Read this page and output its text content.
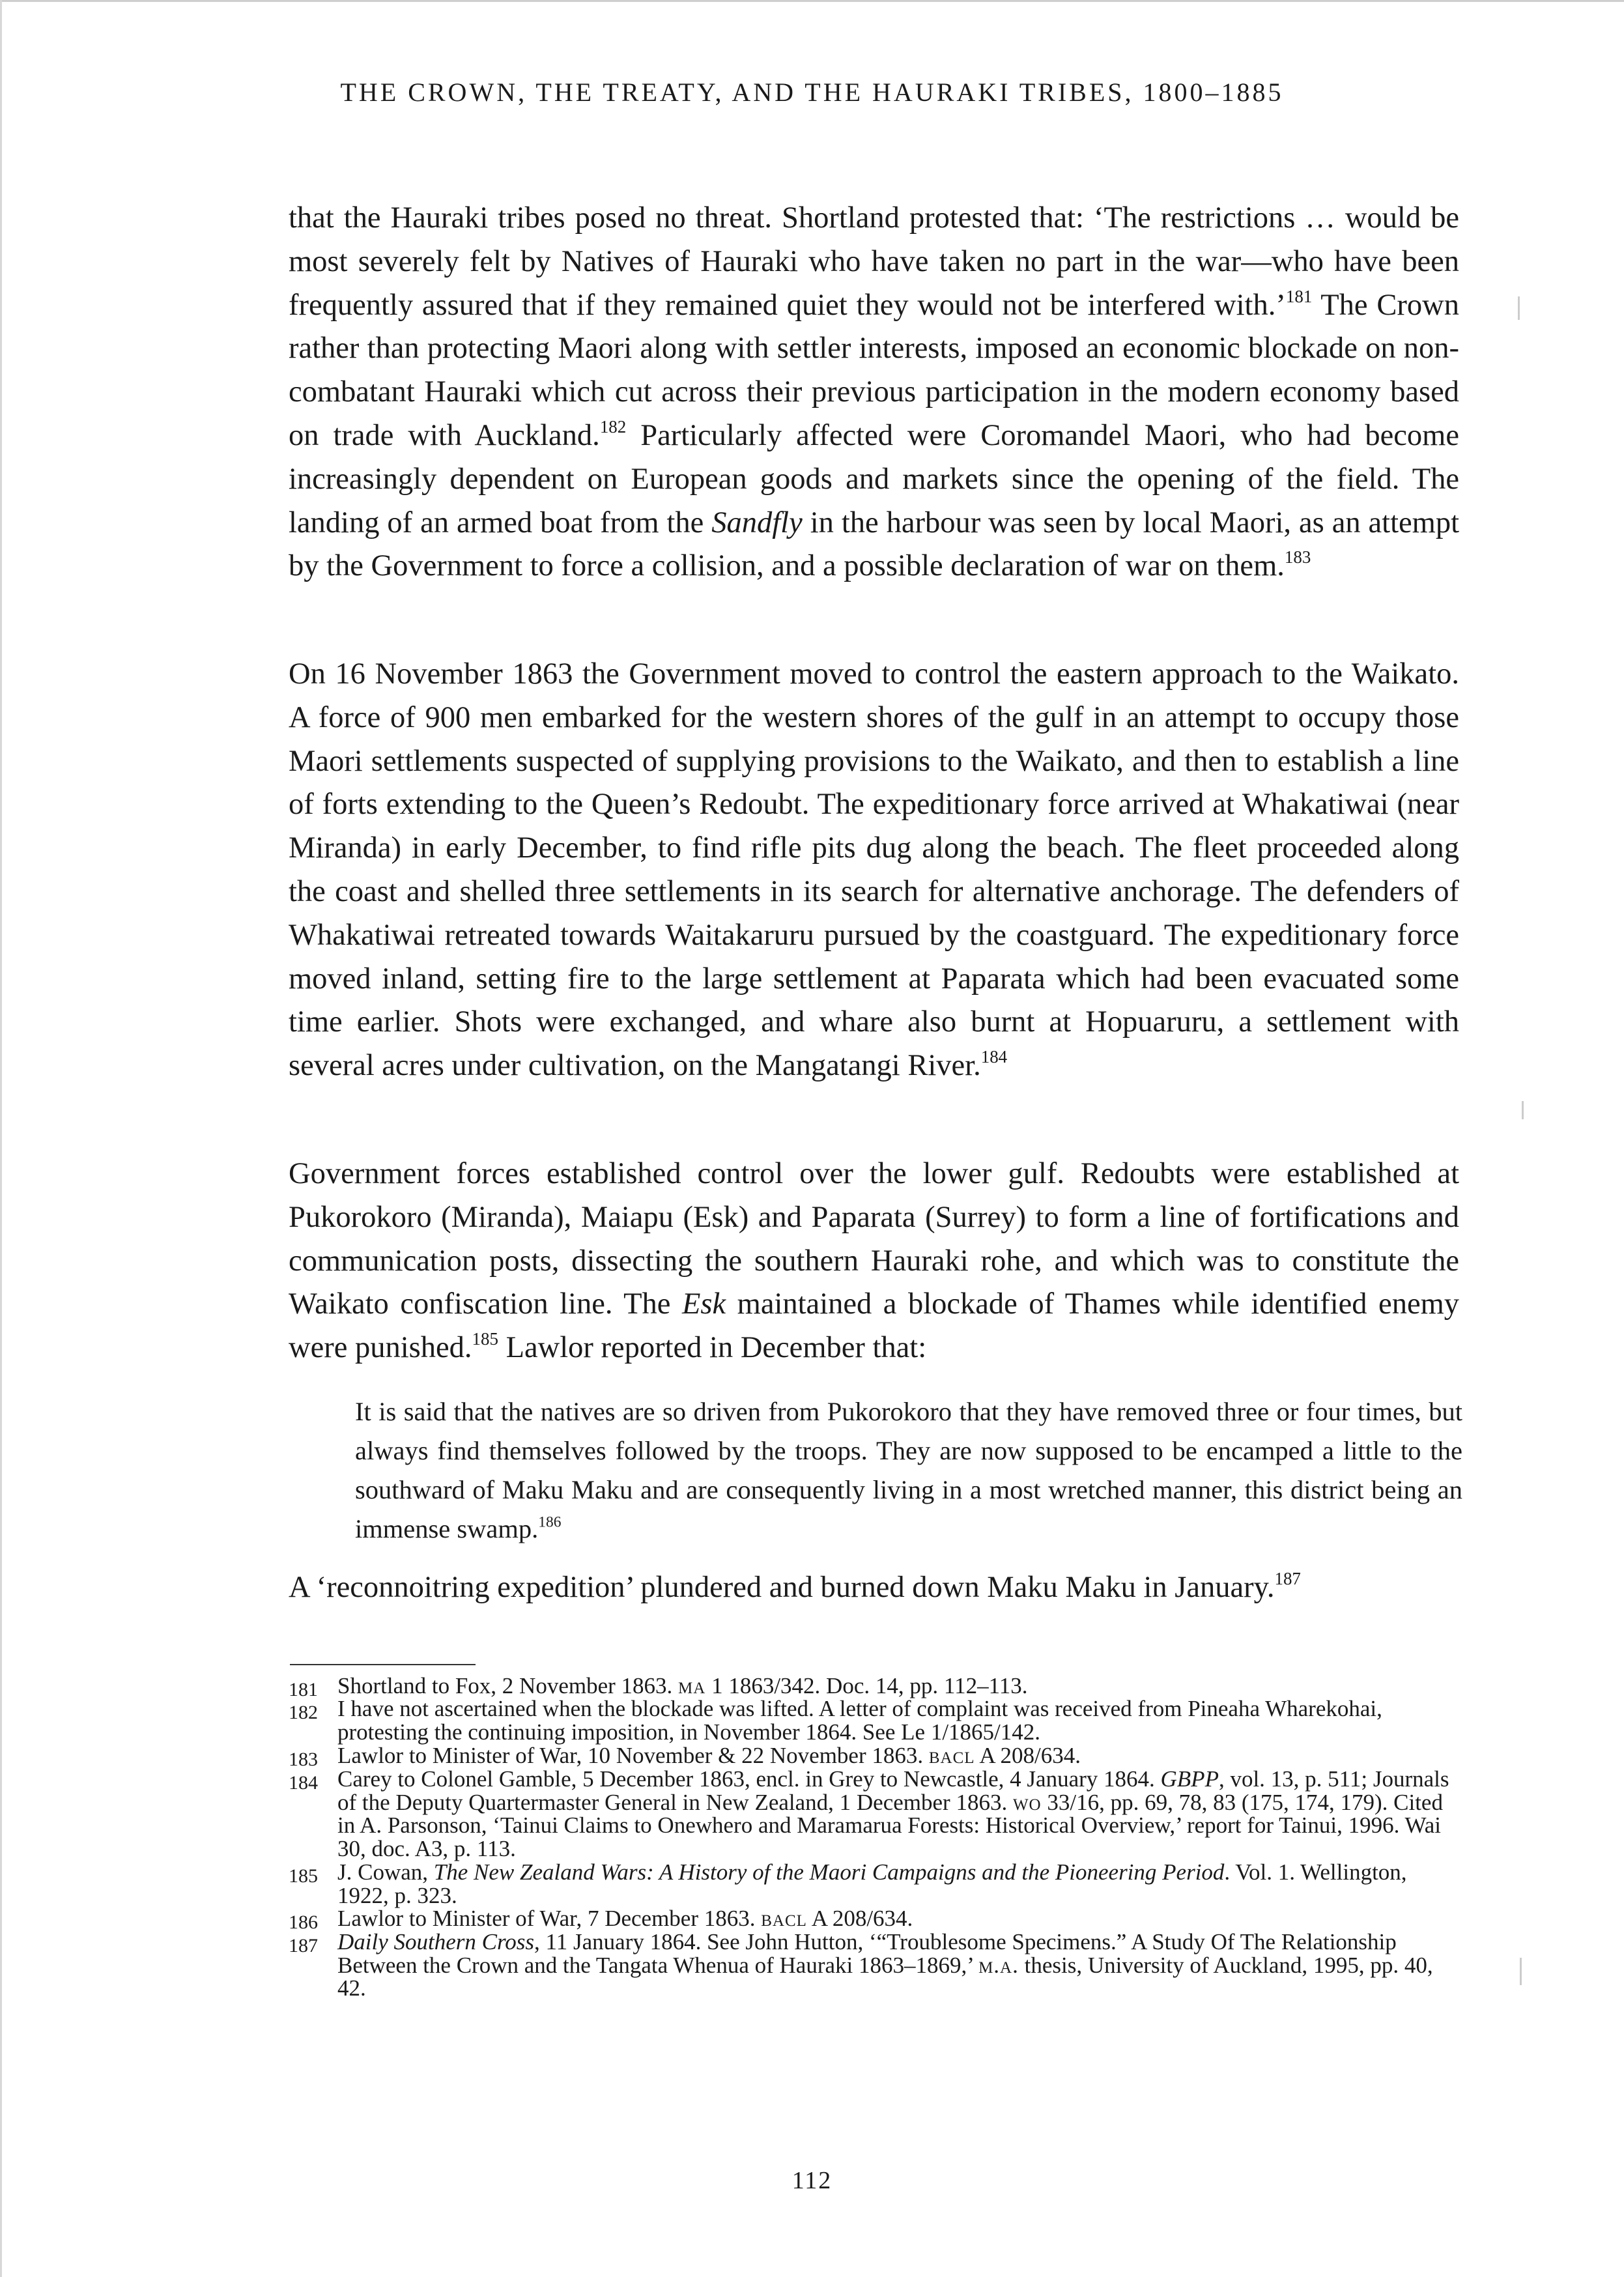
THE CROWN, THE TREATY, AND THE HAURAKI TRIBES, 1800–1885

that the Hauraki tribes posed no threat. Shortland protested that: ‘The restrictions … would be most severely felt by Natives of Hauraki who have taken no part in the war—who have been frequently assured that if they remained quiet they would not be interfered with.’$^{181}$ The Crown rather than protecting Maori along with settler interests, imposed an economic blockade on non-combatant Hauraki which cut across their previous participation in the modern economy based on trade with Auckland.$^{182}$ Particularly affected were Coromandel Maori, who had become increasingly dependent on European goods and markets since the opening of the field. The landing of an armed boat from the Sandfly in the harbour was seen by local Maori, as an attempt by the Government to force a collision, and a possible declaration of war on them.$^{183}$

On 16 November 1863 the Government moved to control the eastern approach to the Waikato. A force of 900 men embarked for the western shores of the gulf in an attempt to occupy those Maori settlements suspected of supplying provisions to the Waikato, and then to establish a line of forts extending to the Queen’s Redoubt. The expeditionary force arrived at Whakatiwai (near Miranda) in early December, to find rifle pits dug along the beach. The fleet proceeded along the coast and shelled three settlements in its search for alternative anchorage. The defenders of Whakatiwai retreated towards Waitakaruru pursued by the coastguard. The expeditionary force moved inland, setting fire to the large settlement at Paparata which had been evacuated some time earlier. Shots were exchanged, and whare also burnt at Hopuaruru, a settlement with several acres under cultivation, on the Mangatangi River.$^{184}$

Government forces established control over the lower gulf. Redoubts were established at Pukorokoro (Miranda), Maiapu (Esk) and Paparata (Surrey) to form a line of fortifications and communication posts, dissecting the southern Hauraki rohe, and which was to constitute the Waikato confiscation line. The Esk maintained a blockade of Thames while identified enemy were punished.$^{185}$ Lawlor reported in December that:

It is said that the natives are so driven from Pukorokoro that they have removed three or four times, but always find themselves followed by the troops. They are now supposed to be encamped a little to the southward of Maku Maku and are consequently living in a most wretched manner, this district being an immense swamp.$^{186}$

A ‘reconnoitring expedition’ plundered and burned down Maku Maku in January.$^{187}$

181 Shortland to Fox, 2 November 1863. ma 1 1863/342. Doc. 14, pp. 112–113.
182 I have not ascertained when the blockade was lifted. A letter of complaint was received from Pineaha Wharekohai, protesting the continuing imposition, in November 1864. See Le 1/1865/142.
183 Lawlor to Minister of War, 10 November & 22 November 1863. bacl A 208/634.
184 Carey to Colonel Gamble, 5 December 1863, encl. in Grey to Newcastle, 4 January 1864. GBPP, vol. 13, p. 511; Journals of the Deputy Quartermaster General in New Zealand, 1 December 1863. wo 33/16, pp. 69, 78, 83 (175, 174, 179). Cited in A. Parsonson, ‘Tainui Claims to Onewhero and Maramarua Forests: Historical Overview,’ report for Tainui, 1996. Wai 30, doc. A3, p. 113.
185 J. Cowan, The New Zealand Wars: A History of the Maori Campaigns and the Pioneering Period. Vol. 1. Wellington, 1922, p. 323.
186 Lawlor to Minister of War, 7 December 1863. bacl A 208/634.
187 Daily Southern Cross, 11 January 1864. See John Hutton, ‘“Troublesome Specimens.” A Study Of The Relationship Between the Crown and the Tangata Whenua of Hauraki 1863–1869,’ m.a. thesis, University of Auckland, 1995, pp. 40, 42.
112
